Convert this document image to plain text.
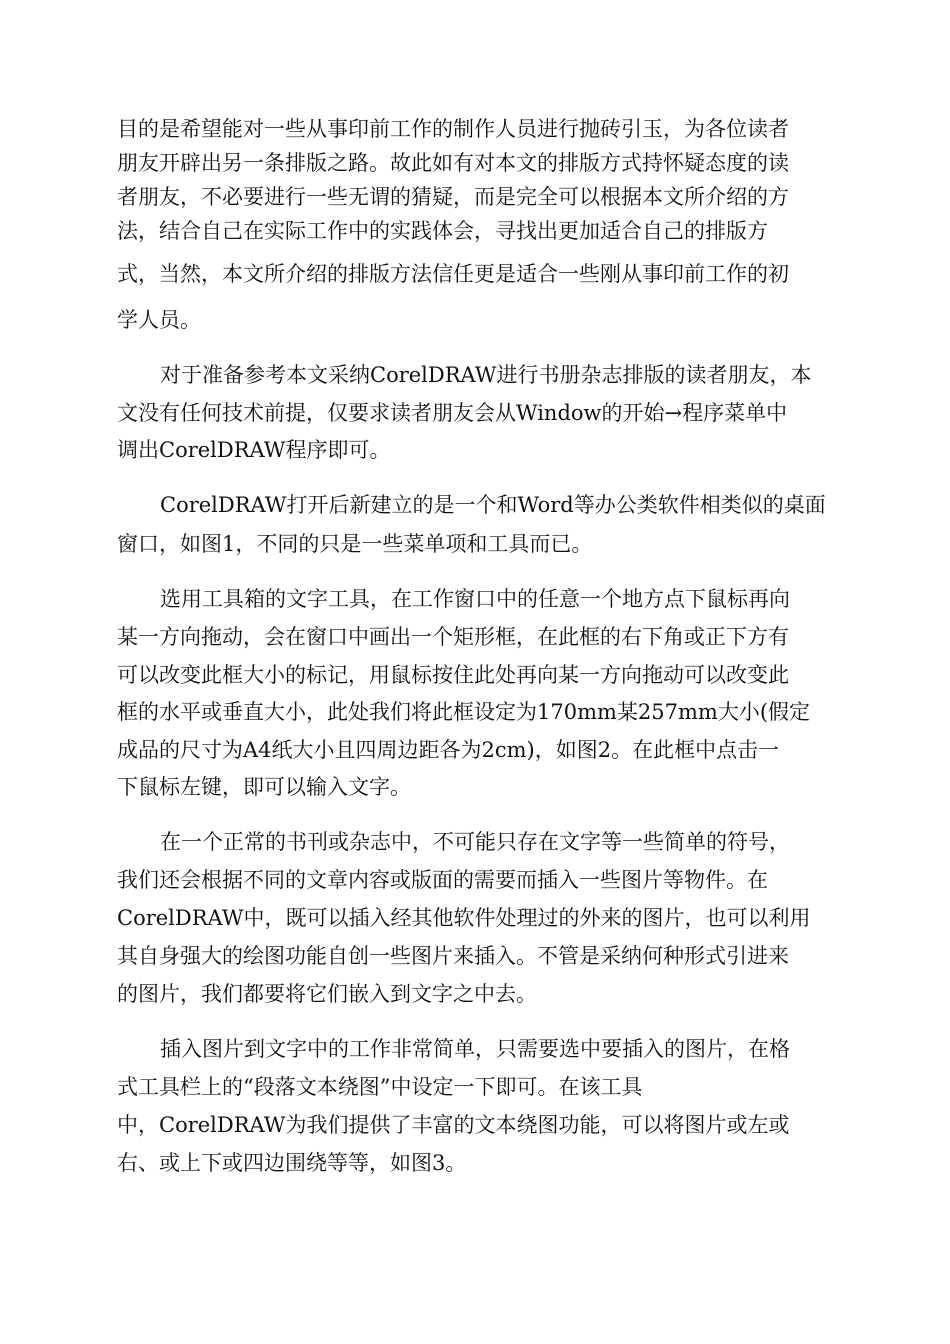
目的是希望能对一些从事印前工作的制作人员进行抛砖引玉，为各位读者
朋友开辟出另一条排版之路。故此如有对本文的排版方式持怀疑态度的读
者朋友，不必要进行一些无谓的猜疑，而是完全可以根据本文所介绍的方
法，结合自己在实际工作中的实践体会，寻找出更加适合自己的排版方
式，当然，本文所介绍的排版方法信任更是适合一些刚从事印前工作的初
学人员。
对于准备参考本文采纳CorelDRAW进行书册杂志排版的读者朋友，本
文没有任何技术前提，仅要求读者朋友会从Window的开始→程序菜单中
调出CorelDRAW程序即可。
CorelDRAW打开后新建立的是一个和Word等办公类软件相类似的桌面
窗口，如图1，不同的只是一些菜单项和工具而已。
选用工具箱的文字工具，在工作窗口中的任意一个地方点下鼠标再向
某一方向拖动，会在窗口中画出一个矩形框，在此框的右下角或正下方有
可以改变此框大小的标记，用鼠标按住此处再向某一方向拖动可以改变此
框的水平或垂直大小，此处我们将此框设定为170mm某257mm大小(假定
成品的尺寸为A4纸大小且四周边距各为2cm)，如图2。在此框中点击一
下鼠标左键，即可以输入文字。
在一个正常的书刊或杂志中，不可能只存在文字等一些简单的符号，
我们还会根据不同的文章内容或版面的需要而插入一些图片等物件。在
CorelDRAW中，既可以插入经其他软件处理过的外来的图片，也可以利用
其自身强大的绘图功能自创一些图片来插入。不管是采纳何种形式引进来
的图片，我们都要将它们嵌入到文字之中去。
插入图片到文字中的工作非常简单，只需要选中要插入的图片，在格
式工具栏上的“段落文本绕图”中设定一下即可。在该工具
中，CorelDRAW为我们提供了丰富的文本绕图功能，可以将图片或左或
右、或上下或四边围绕等等，如图3。
